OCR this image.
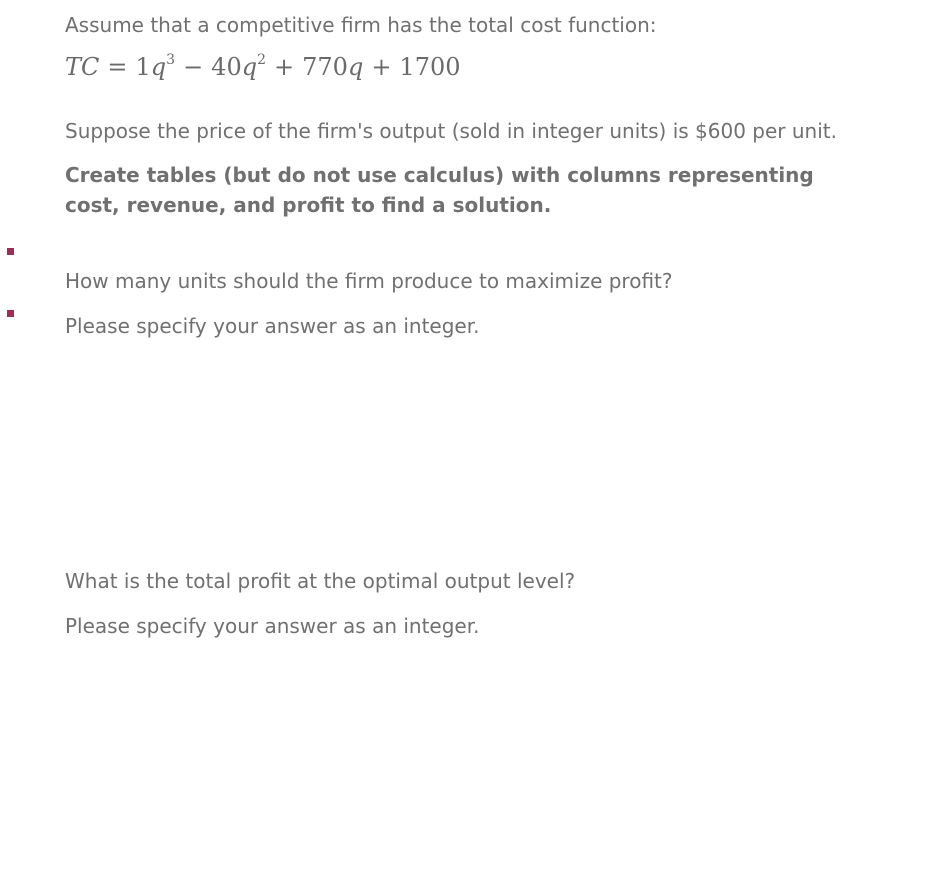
Assume that a competitive firm has the total cost function:
TC = $1q^3 - 40q^2 + 770q + 1700$
Suppose the price of the firm's output (sold in integer units) is $600 per unit.
Create tables (but do not use calculus) with columns representing cost, revenue, and profit to find a solution.
How many units should the firm produce to maximize profit?
Please specify your answer as an integer.
What is the total profit at the optimal output level?
Please specify your answer as an integer.
